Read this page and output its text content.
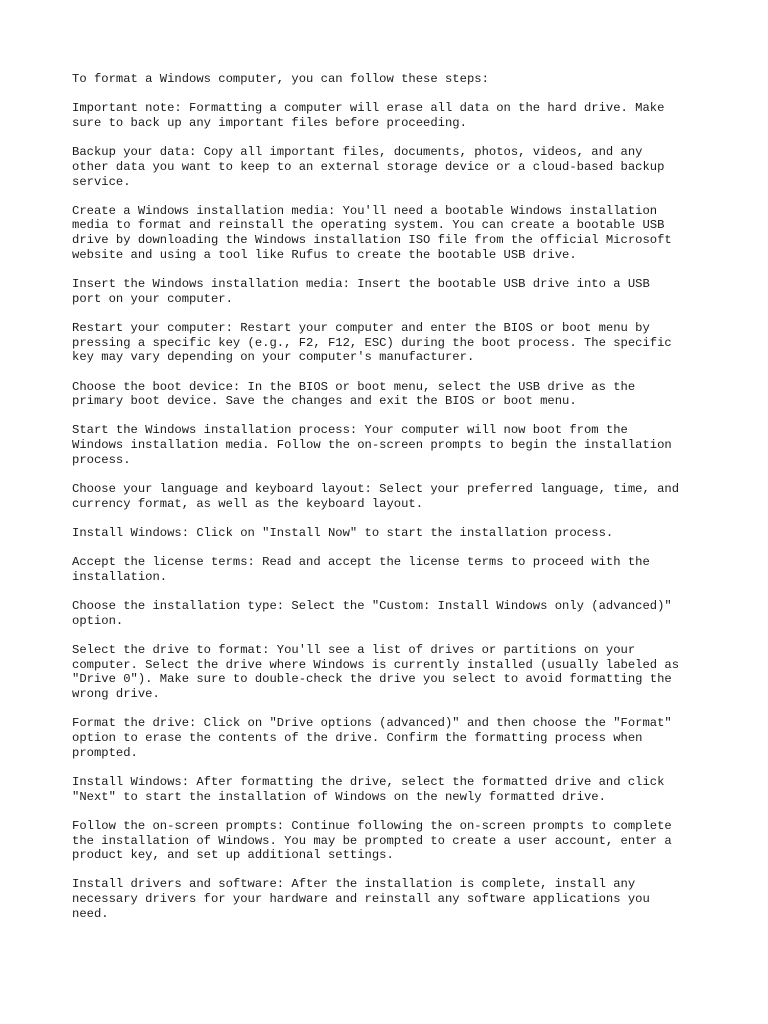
To format a Windows computer, you can follow these steps:

Important note: Formatting a computer will erase all data on the hard drive. Make
sure to back up any important files before proceeding.

Backup your data: Copy all important files, documents, photos, videos, and any
other data you want to keep to an external storage device or a cloud-based backup
service.

Create a Windows installation media: You'll need a bootable Windows installation
media to format and reinstall the operating system. You can create a bootable USB
drive by downloading the Windows installation ISO file from the official Microsoft
website and using a tool like Rufus to create the bootable USB drive.

Insert the Windows installation media: Insert the bootable USB drive into a USB
port on your computer.

Restart your computer: Restart your computer and enter the BIOS or boot menu by
pressing a specific key (e.g., F2, F12, ESC) during the boot process. The specific
key may vary depending on your computer's manufacturer.

Choose the boot device: In the BIOS or boot menu, select the USB drive as the
primary boot device. Save the changes and exit the BIOS or boot menu.

Start the Windows installation process: Your computer will now boot from the
Windows installation media. Follow the on-screen prompts to begin the installation
process.

Choose your language and keyboard layout: Select your preferred language, time, and
currency format, as well as the keyboard layout.

Install Windows: Click on "Install Now" to start the installation process.

Accept the license terms: Read and accept the license terms to proceed with the
installation.

Choose the installation type: Select the "Custom: Install Windows only (advanced)"
option.

Select the drive to format: You'll see a list of drives or partitions on your
computer. Select the drive where Windows is currently installed (usually labeled as
"Drive 0"). Make sure to double-check the drive you select to avoid formatting the
wrong drive.

Format the drive: Click on "Drive options (advanced)" and then choose the "Format"
option to erase the contents of the drive. Confirm the formatting process when
prompted.

Install Windows: After formatting the drive, select the formatted drive and click
"Next" to start the installation of Windows on the newly formatted drive.

Follow the on-screen prompts: Continue following the on-screen prompts to complete
the installation of Windows. You may be prompted to create a user account, enter a
product key, and set up additional settings.

Install drivers and software: After the installation is complete, install any
necessary drivers for your hardware and reinstall any software applications you
need.
